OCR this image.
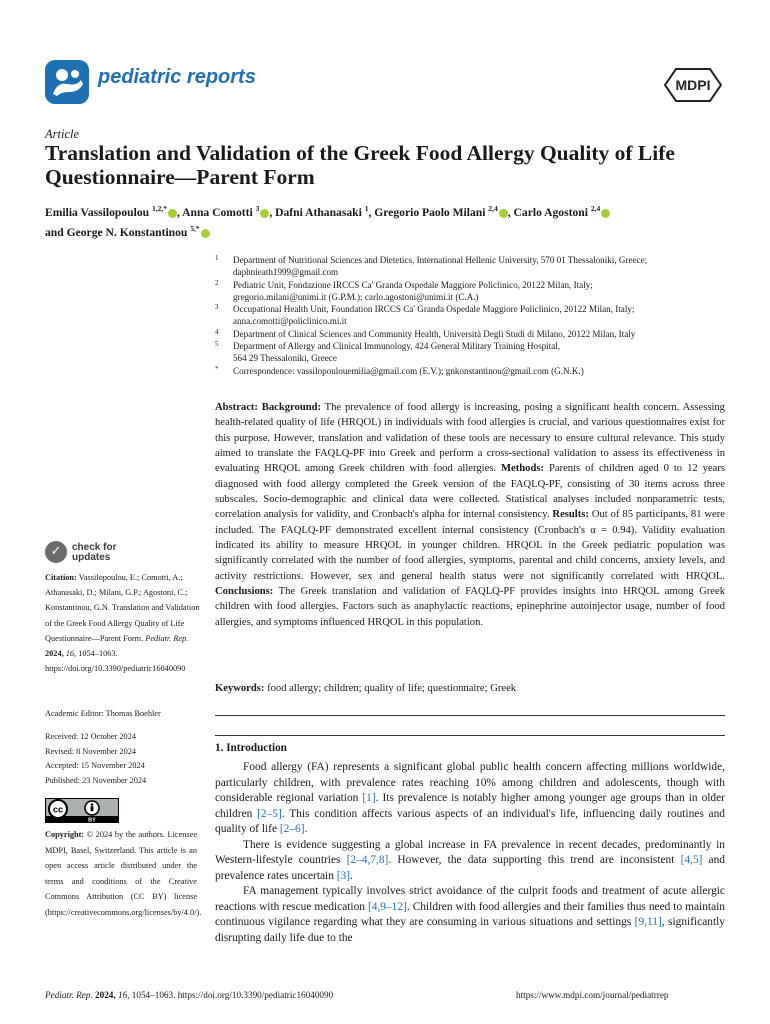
pediatric reports	MDPI
Article
Translation and Validation of the Greek Food Allergy Quality of Life Questionnaire—Parent Form
Emilia Vassilopoulou $^{1,2,*}$ , Anna Comotti $^3$ , Dafni Athanasaki $^1$, Gregorio Paolo Milani $^{2,4}$ , Carlo Agostoni $^{2,4}$
and George N. Konstantinou $^{5,*}$
1 Department of Nutritional Sciences and Dietetics, International Hellenic University, 570 01 Thessaloniki, Greece;
daphnieath1999@gmail.com
2 Pediatric Unit, Fondazione IRCCS Ca' Granda Ospedale Maggiore Policlinico, 20122 Milan, Italy;
gregorio.milani@unimi.it (G.P.M.); carlo.agostoni@unimi.it (C.A.)
3 Occupational Health Unit, Foundation IRCCS Ca' Granda Ospedale Maggiore Policlinico, 20122 Milan, Italy;
anna.comotti@policlinico.mi.it
4 Department of Clinical Sciences and Community Health, Università Degli Studi di Milano, 20122 Milan, Italy
5 Department of Allergy and Clinical Immunology, 424 General Military Training Hospital,
564 29 Thessaloniki, Greece
* Correspondence: vassilopoulouemilia@gmail.com (E.V.); gnkonstantinou@gmail.com (G.N.K.)
Abstract: Background: The prevalence of food allergy is increasing, posing a significant health concern. Assessing health-related quality of life (HRQOL) in individuals with food allergies is crucial, and various questionnaires exist for this purpose. However, translation and validation of these tools are necessary to ensure cultural relevance. This study aimed to translate the FAQLQ-PF into Greek and perform a cross-sectional validation to assess its effectiveness in evaluating HRQOL among Greek children with food allergies. Methods: Parents of children aged 0 to 12 years diagnosed with food allergy completed the Greek version of the FAQLQ-PF, consisting of 30 items across three subscales. Socio-demographic and clinical data were collected. Statistical analyses included nonparametric tests, correlation analysis for validity, and Cronbach's alpha for internal consistency. Results: Out of 85 participants, 81 were included. The FAQLQ-PF demonstrated excellent internal consistency (Cronbach's α = 0.94). Validity evaluation indicated its ability to measure HRQOL in younger children. HRQOL in the Greek pediatric population was significantly correlated with the number of food allergies, symptoms, parental and child concerns, anxiety levels, and activity restrictions. However, sex and general health status were not significantly correlated with HRQOL. Conclusions: The Greek translation and validation of FAQLQ-PF provides insights into HRQOL among Greek children with food allergies. Factors such as anaphylactic reactions, epinephrine autoinjector usage, number of food allergies, and symptoms influenced HRQOL in this population.
Keywords: food allergy; children; quality of life; questionnaire; Greek
✓	check for
updates
Citation: Vassilopoulou, E.; Comotti, A.; Athanasaki, D.; Milani, G.P.; Agostoni, C.; Konstantinou, G.N. Translation and Validation of the Greek Food Allergy Quality of Life Questionnaire—Parent Form. Pediatr. Rep. 2024, 16, 1054–1063. https://doi.org/10.3390/pediatric16040090
Academic Editor: Thomas Boehler
Received: 12 October 2024
Revised: 8 November 2024
Accepted: 15 November 2024
Published: 23 November 2024
cc
BY
Copyright: © 2024 by the authors. Licensee MDPI, Basel, Switzerland. This article is an open access article distributed under the terms and conditions of the Creative Commons Attribution (CC BY) license (https://creativecommons.org/licenses/by/4.0/).
1. Introduction

Food allergy (FA) represents a significant global public health concern affecting millions worldwide, particularly children, with prevalence rates reaching 10% among children and adolescents, though with considerable regional variation [1]. Its prevalence is notably higher among younger age groups than in older children [2–5]. This condition affects various aspects of an individual's life, influencing daily routines and quality of life [2–6].

There is evidence suggesting a global increase in FA prevalence in recent decades, predominantly in Western-lifestyle countries [2–4,7,8]. However, the data supporting this trend are inconsistent [4,5] and prevalence rates uncertain [3].

FA management typically involves strict avoidance of the culprit foods and treatment of acute allergic reactions with rescue medication [4,9–12]. Children with food allergies and their families thus need to maintain continuous vigilance regarding what they are consuming in various situations and settings [9,11], significantly disrupting daily life due to the

Pediatr. Rep. 2024, 16, 1054–1063. https://doi.org/10.3390/pediatric16040090	https://www.mdpi.com/journal/pediatrrep
